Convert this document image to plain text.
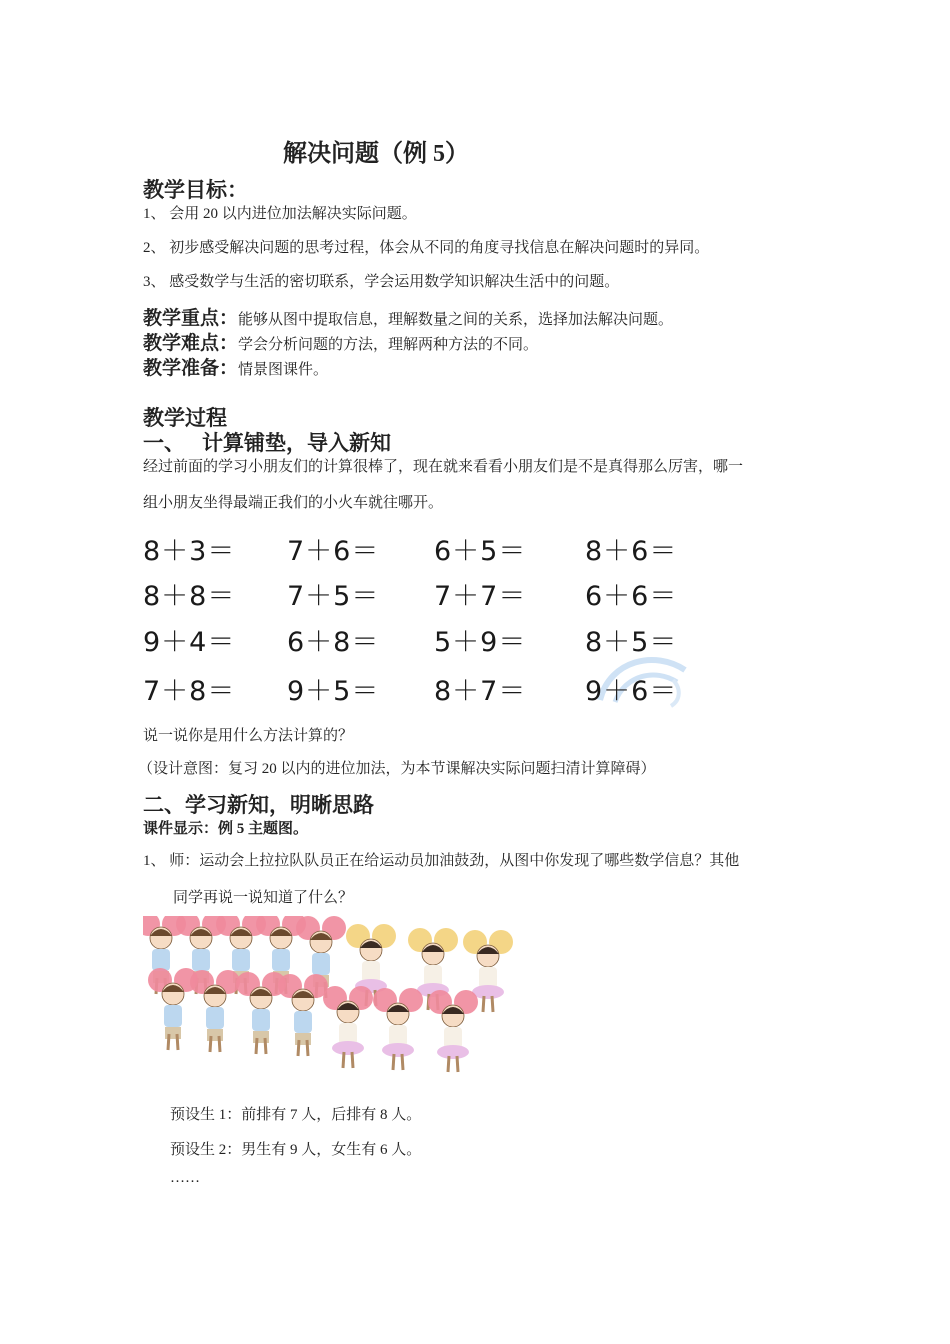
解决问题（例 5）
教学目标：
1、 会用 20 以内进位加法解决实际问题。
2、 初步感受解决问题的思考过程，体会从不同的角度寻找信息在解决问题时的异同。
3、 感受数学与生活的密切联系，学会运用数学知识解决生活中的问题。
教学重点：能够从图中提取信息，理解数量之间的关系，选择加法解决问题。
教学难点：学会分析问题的方法，理解两种方法的不同。
教学准备：情景图课件。
教学过程
一、 计算铺垫，导入新知
经过前面的学习小朋友们的计算很棒了，现在就来看看小朋友们是不是真得那么厉害，哪一
组小朋友坐得最端正我们的小火车就往哪开。
8＋3＝ 7＋6＝ 6＋5＝ 8＋6＝
8＋8＝ 7＋5＝ 7＋7＝ 6＋6＝
9＋4＝ 6＋8＝ 5＋9＝ 8＋5＝
7＋8＝ 9＋5＝ 8＋7＝ 9＋6＝
说一说你是用什么方法计算的？
（设计意图：复习 20 以内的进位加法，为本节课解决实际问题扫清计算障碍）
二、学习新知，明晰思路
课件显示：例 5 主题图。
1、 师：运动会上拉拉队队员正在给运动员加油鼓劲，从图中你发现了哪些数学信息？其他
同学再说一说知道了什么？
预设生 1：前排有 7 人，后排有 8 人。
预设生 2：男生有 9 人，女生有 6 人。
……
